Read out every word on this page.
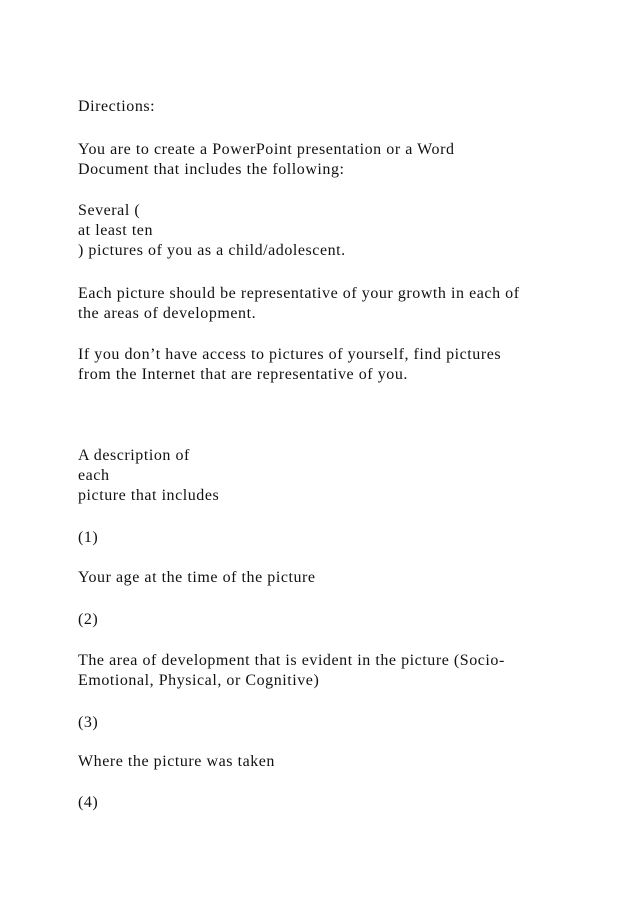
Directions:

You are to create a PowerPoint presentation or a Word

Document that includes the following:

Several (

at least ten

) pictures of you as a child/adolescent.

Each picture should be representative of your growth in each of

the areas of development.

If you don’t have access to pictures of yourself, find pictures

from the Internet that are representative of you.

A description of

each

picture that includes

(1)

Your age at the time of the picture

(2)

The area of development that is evident in the picture (Socio-

Emotional, Physical, or Cognitive)

(3)

Where the picture was taken

(4)
